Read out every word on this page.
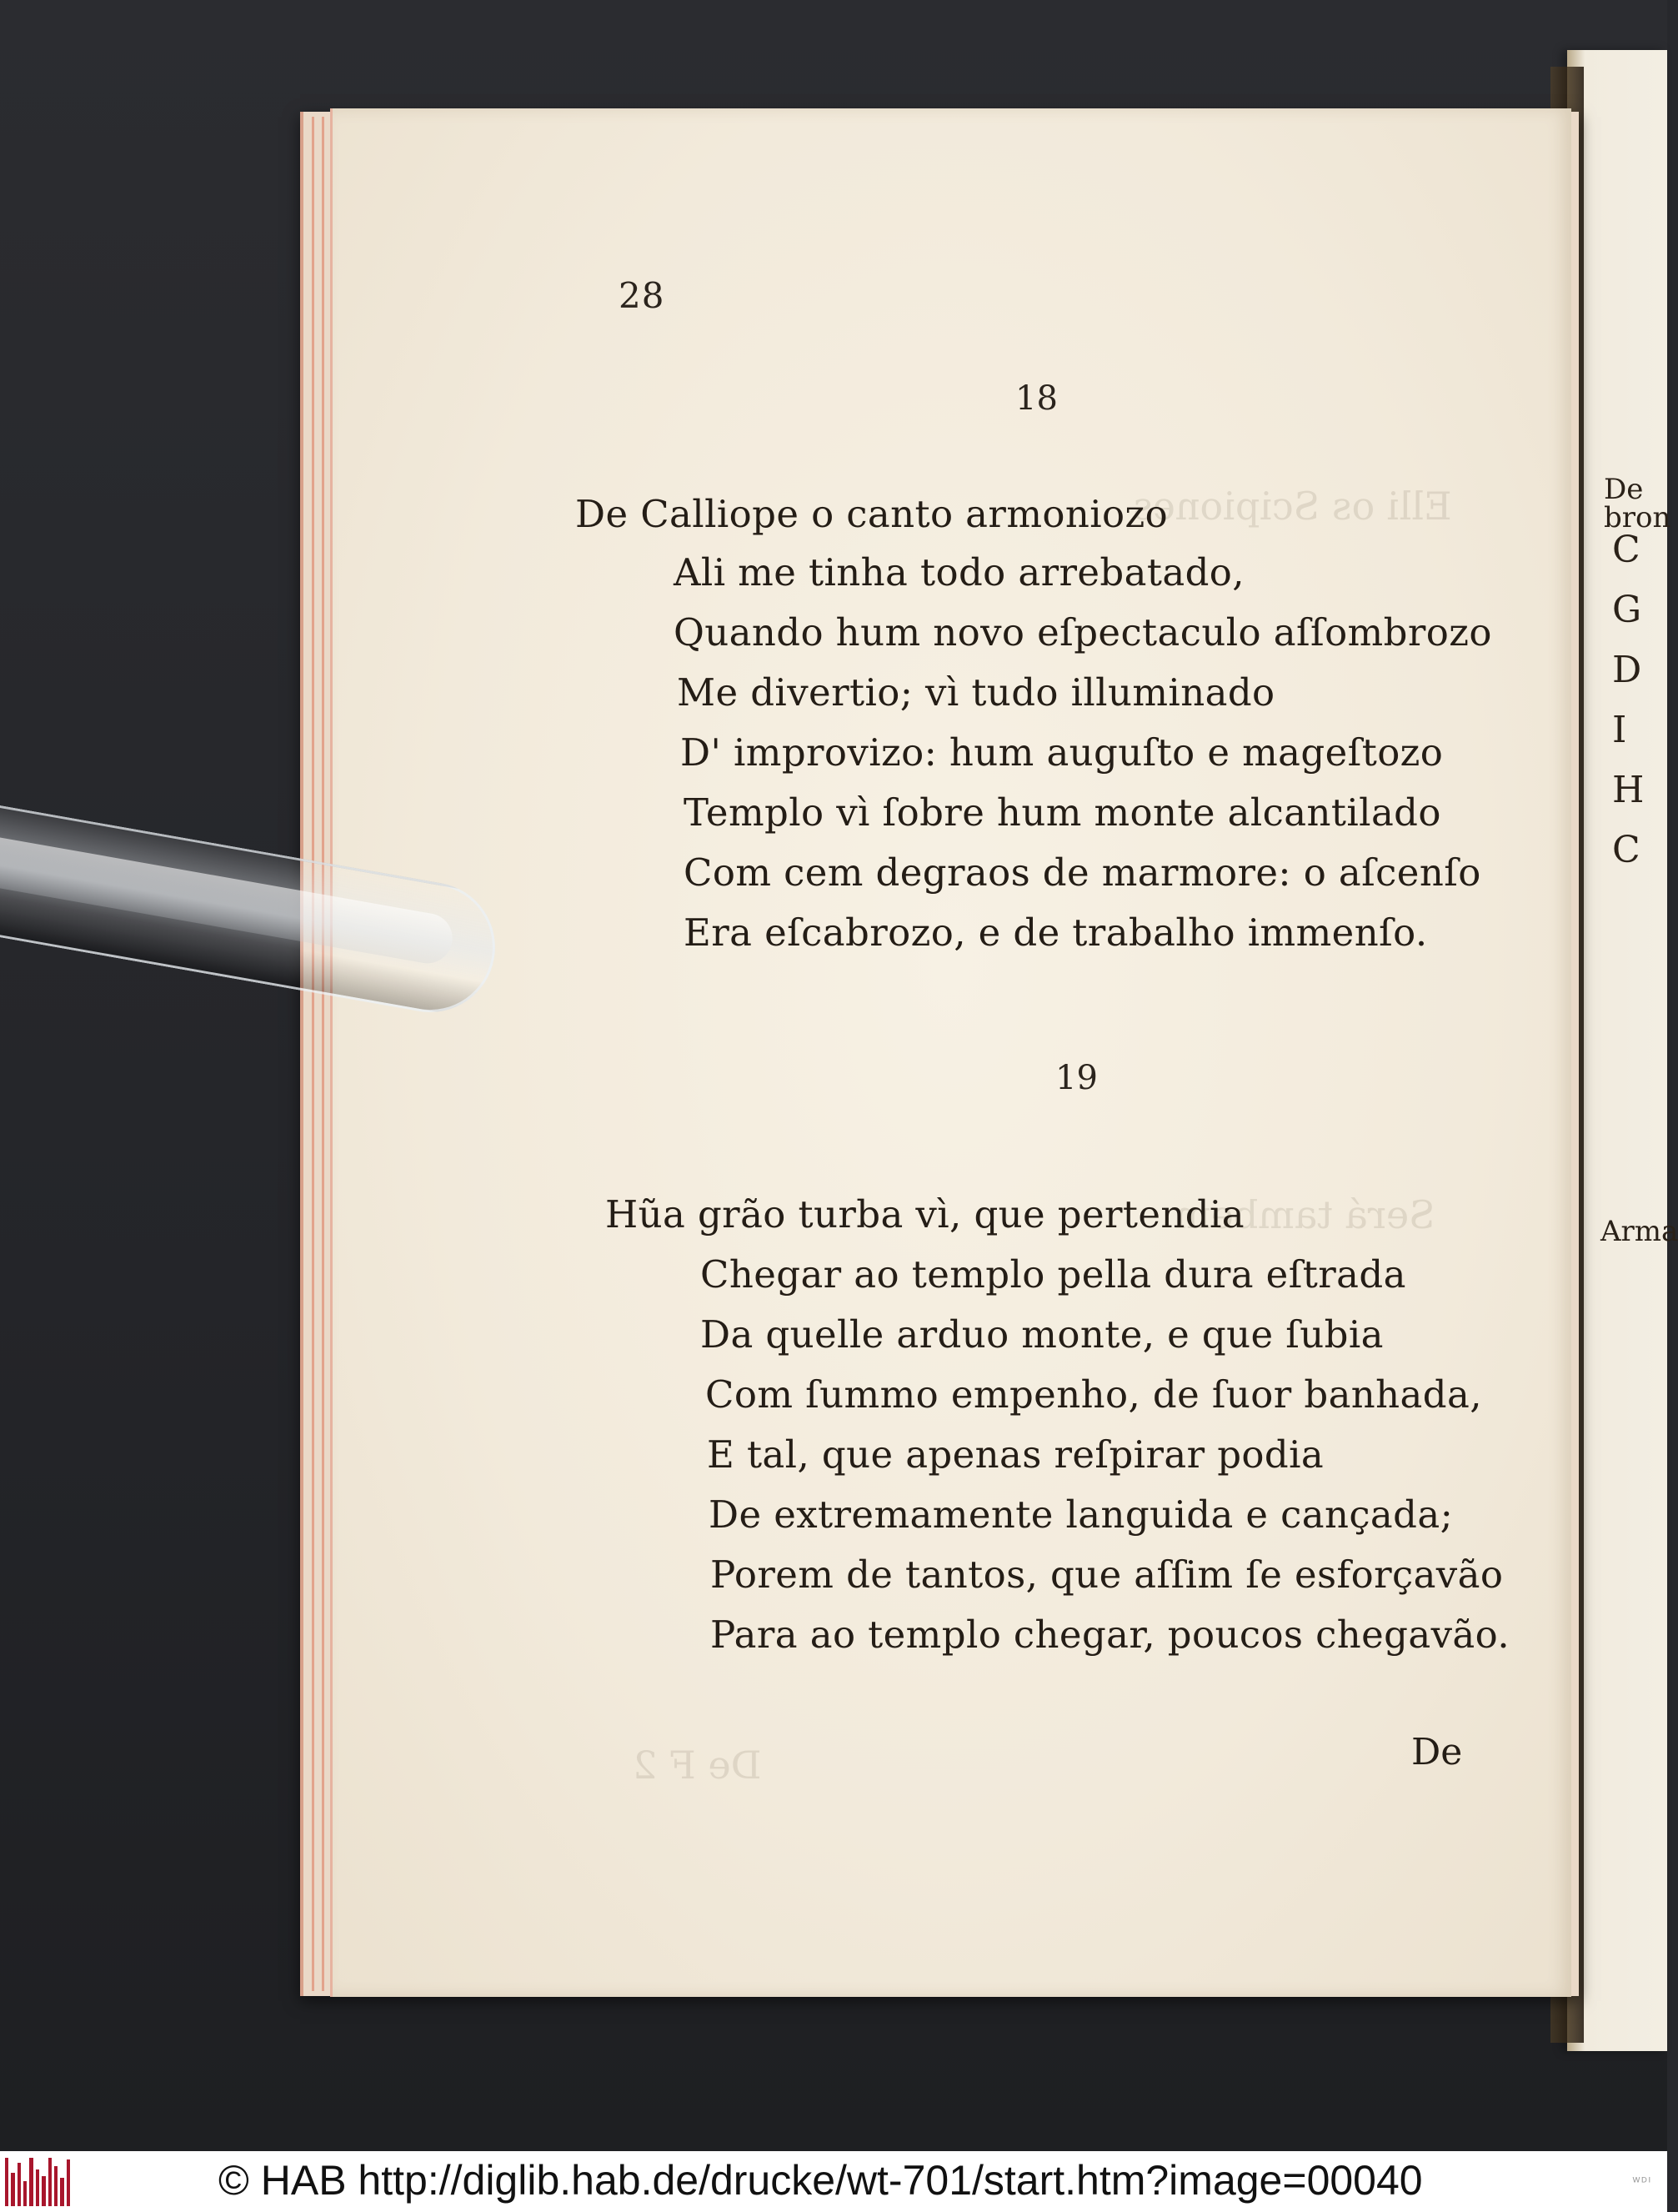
De bron
C
G
D
I
H
C
Arma
Elli os Scipiones
Será tambem
De F 2
28
18
De Calliope o canto armoniozo
Ali me tinha todo arrebatado,
Quando hum novo eſpectaculo aſſombrozo
Me divertio; vì tudo illuminado
D' improvizo: hum auguſto e mageſtozo
Templo vì ſobre hum monte alcantilado
Com cem degraos de marmore: o aſcenſo
Era eſcabrozo, e de trabalho immenſo.
19
Hũa grão turba vì, que pertendia
Chegar ao templo pella dura eſtrada
Da quelle arduo monte, e que ſubia
Com ſummo empenho, de ſuor banhada,
E tal, que apenas reſpirar podia
De extremamente languida e cançada;
Porem de tantos, que aſſim ſe esforçavão
Para ao templo chegar, poucos chegavão.
De
© HAB http://diglib.hab.de/drucke/wt-701/start.htm?image=00040	ᵂᴰᴵ
